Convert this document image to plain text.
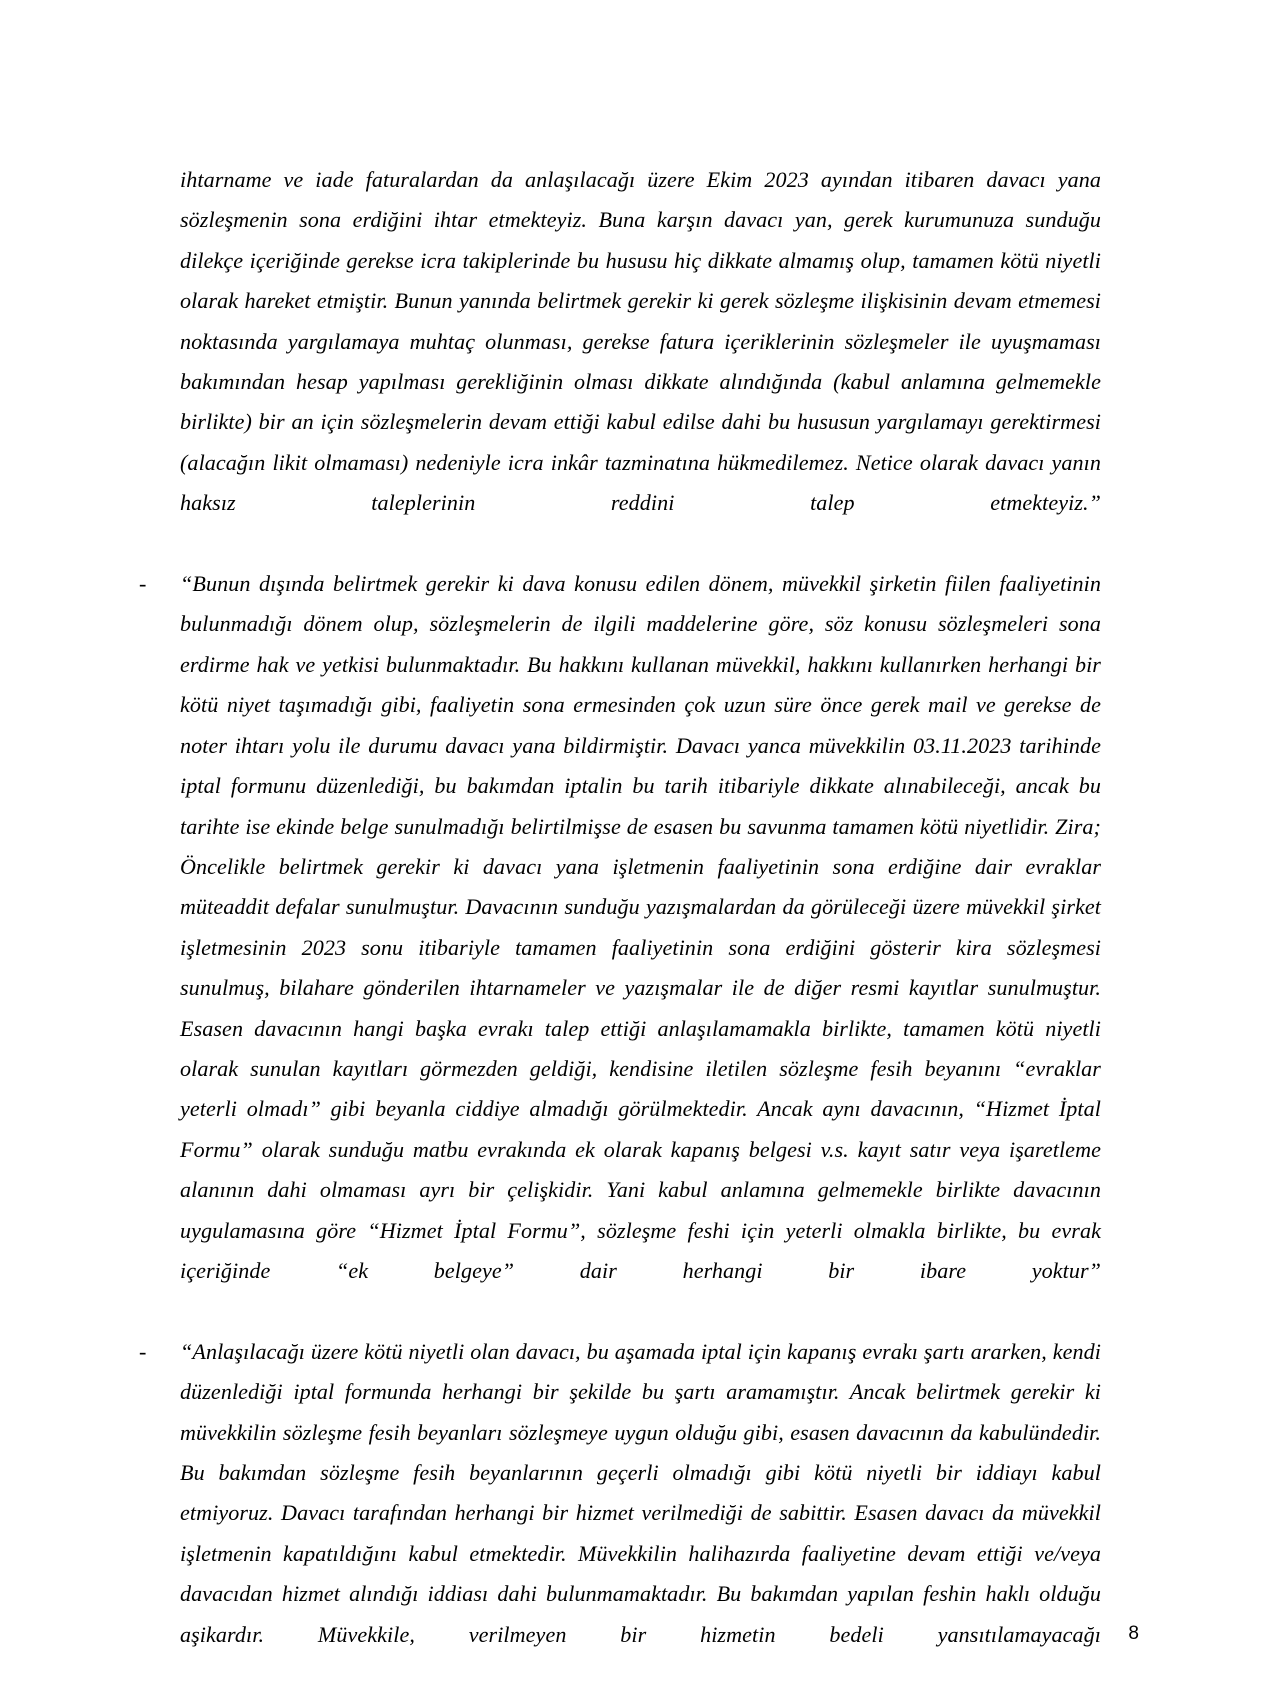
ihtarname ve iade faturalardan da anlaşılacağı üzere Ekim 2023 ayından itibaren davacı yana sözleşmenin sona erdiğini ihtar etmekteyiz. Buna karşın davacı yan, gerek kurumunuza sunduğu dilekçe içeriğinde gerekse icra takiplerinde bu hususu hiç dikkate almamış olup, tamamen kötü niyetli olarak hareket etmiştir. Bunun yanında belirtmek gerekir ki gerek sözleşme ilişkisinin devam etmemesi noktasında yargılamaya muhtaç olunması, gerekse fatura içeriklerinin sözleşmeler ile uyuşmaması bakımından hesap yapılması gerekliğinin olması dikkate alındığında (kabul anlamına gelmemekle birlikte) bir an için sözleşmelerin devam ettiği kabul edilse dahi bu hususun yargılamayı gerektirmesi (alacağın likit olmaması) nedeniyle icra inkâr tazminatına hükmedilemez. Netice olarak davacı yanın haksız taleplerinin reddini talep etmekteyiz.”

-	“Bunun dışında belirtmek gerekir ki dava konusu edilen dönem, müvekkil şirketin fiilen faaliyetinin bulunmadığı dönem olup, sözleşmelerin de ilgili maddelerine göre, söz konusu sözleşmeleri sona erdirme hak ve yetkisi bulunmaktadır. Bu hakkını kullanan müvekkil, hakkını kullanırken herhangi bir kötü niyet taşımadığı gibi, faaliyetin sona ermesinden çok uzun süre önce gerek mail ve gerekse de noter ihtarı yolu ile durumu davacı yana bildirmiştir. Davacı yanca müvekkilin 03.11.2023 tarihinde iptal formunu düzenlediği, bu bakımdan iptalin bu tarih itibariyle dikkate alınabileceği, ancak bu tarihte ise ekinde belge sunulmadığı belirtilmişse de esasen bu savunma tamamen kötü niyetlidir. Zira; Öncelikle belirtmek gerekir ki davacı yana işletmenin faaliyetinin sona erdiğine dair evraklar müteaddit defalar sunulmuştur. Davacının sunduğu yazışmalardan da görüleceği üzere müvekkil şirket işletmesinin 2023 sonu itibariyle tamamen faaliyetinin sona erdiğini gösterir kira sözleşmesi sunulmuş, bilahare gönderilen ihtarnameler ve yazışmalar ile de diğer resmi kayıtlar sunulmuştur. Esasen davacının hangi başka evrakı talep ettiği anlaşılamamakla birlikte, tamamen kötü niyetli olarak sunulan kayıtları görmezden geldiği, kendisine iletilen sözleşme fesih beyanını “evraklar yeterli olmadı” gibi beyanla ciddiye almadığı görülmektedir. Ancak aynı davacının, “Hizmet İptal Formu” olarak sunduğu matbu evrakında ek olarak kapanış belgesi v.s. kayıt satır veya işaretleme alanının dahi olmaması ayrı bir çelişkidir. Yani kabul anlamına gelmemekle birlikte davacının uygulamasına göre “Hizmet İptal Formu”, sözleşme feshi için yeterli olmakla birlikte, bu evrak içeriğinde “ek belgeye” dair herhangi bir ibare yoktur”

-	“Anlaşılacağı üzere kötü niyetli olan davacı, bu aşamada iptal için kapanış evrakı şartı ararken, kendi düzenlediği iptal formunda herhangi bir şekilde bu şartı aramamıştır. Ancak belirtmek gerekir ki müvekkilin sözleşme fesih beyanları sözleşmeye uygun olduğu gibi, esasen davacının da kabulündedir. Bu bakımdan sözleşme fesih beyanlarının geçerli olmadığı gibi kötü niyetli bir iddiayı kabul etmiyoruz. Davacı tarafından herhangi bir hizmet verilmediği de sabittir. Esasen davacı da müvekkil işletmenin kapatıldığını kabul etmektedir. Müvekkilin halihazırda faaliyetine devam ettiği ve/veya davacıdan hizmet alındığı iddiası dahi bulunmamaktadır. Bu bakımdan yapılan feshin haklı olduğu aşikardır. Müvekkile, verilmeyen bir hizmetin bedeli yansıtılamayacağı 8
